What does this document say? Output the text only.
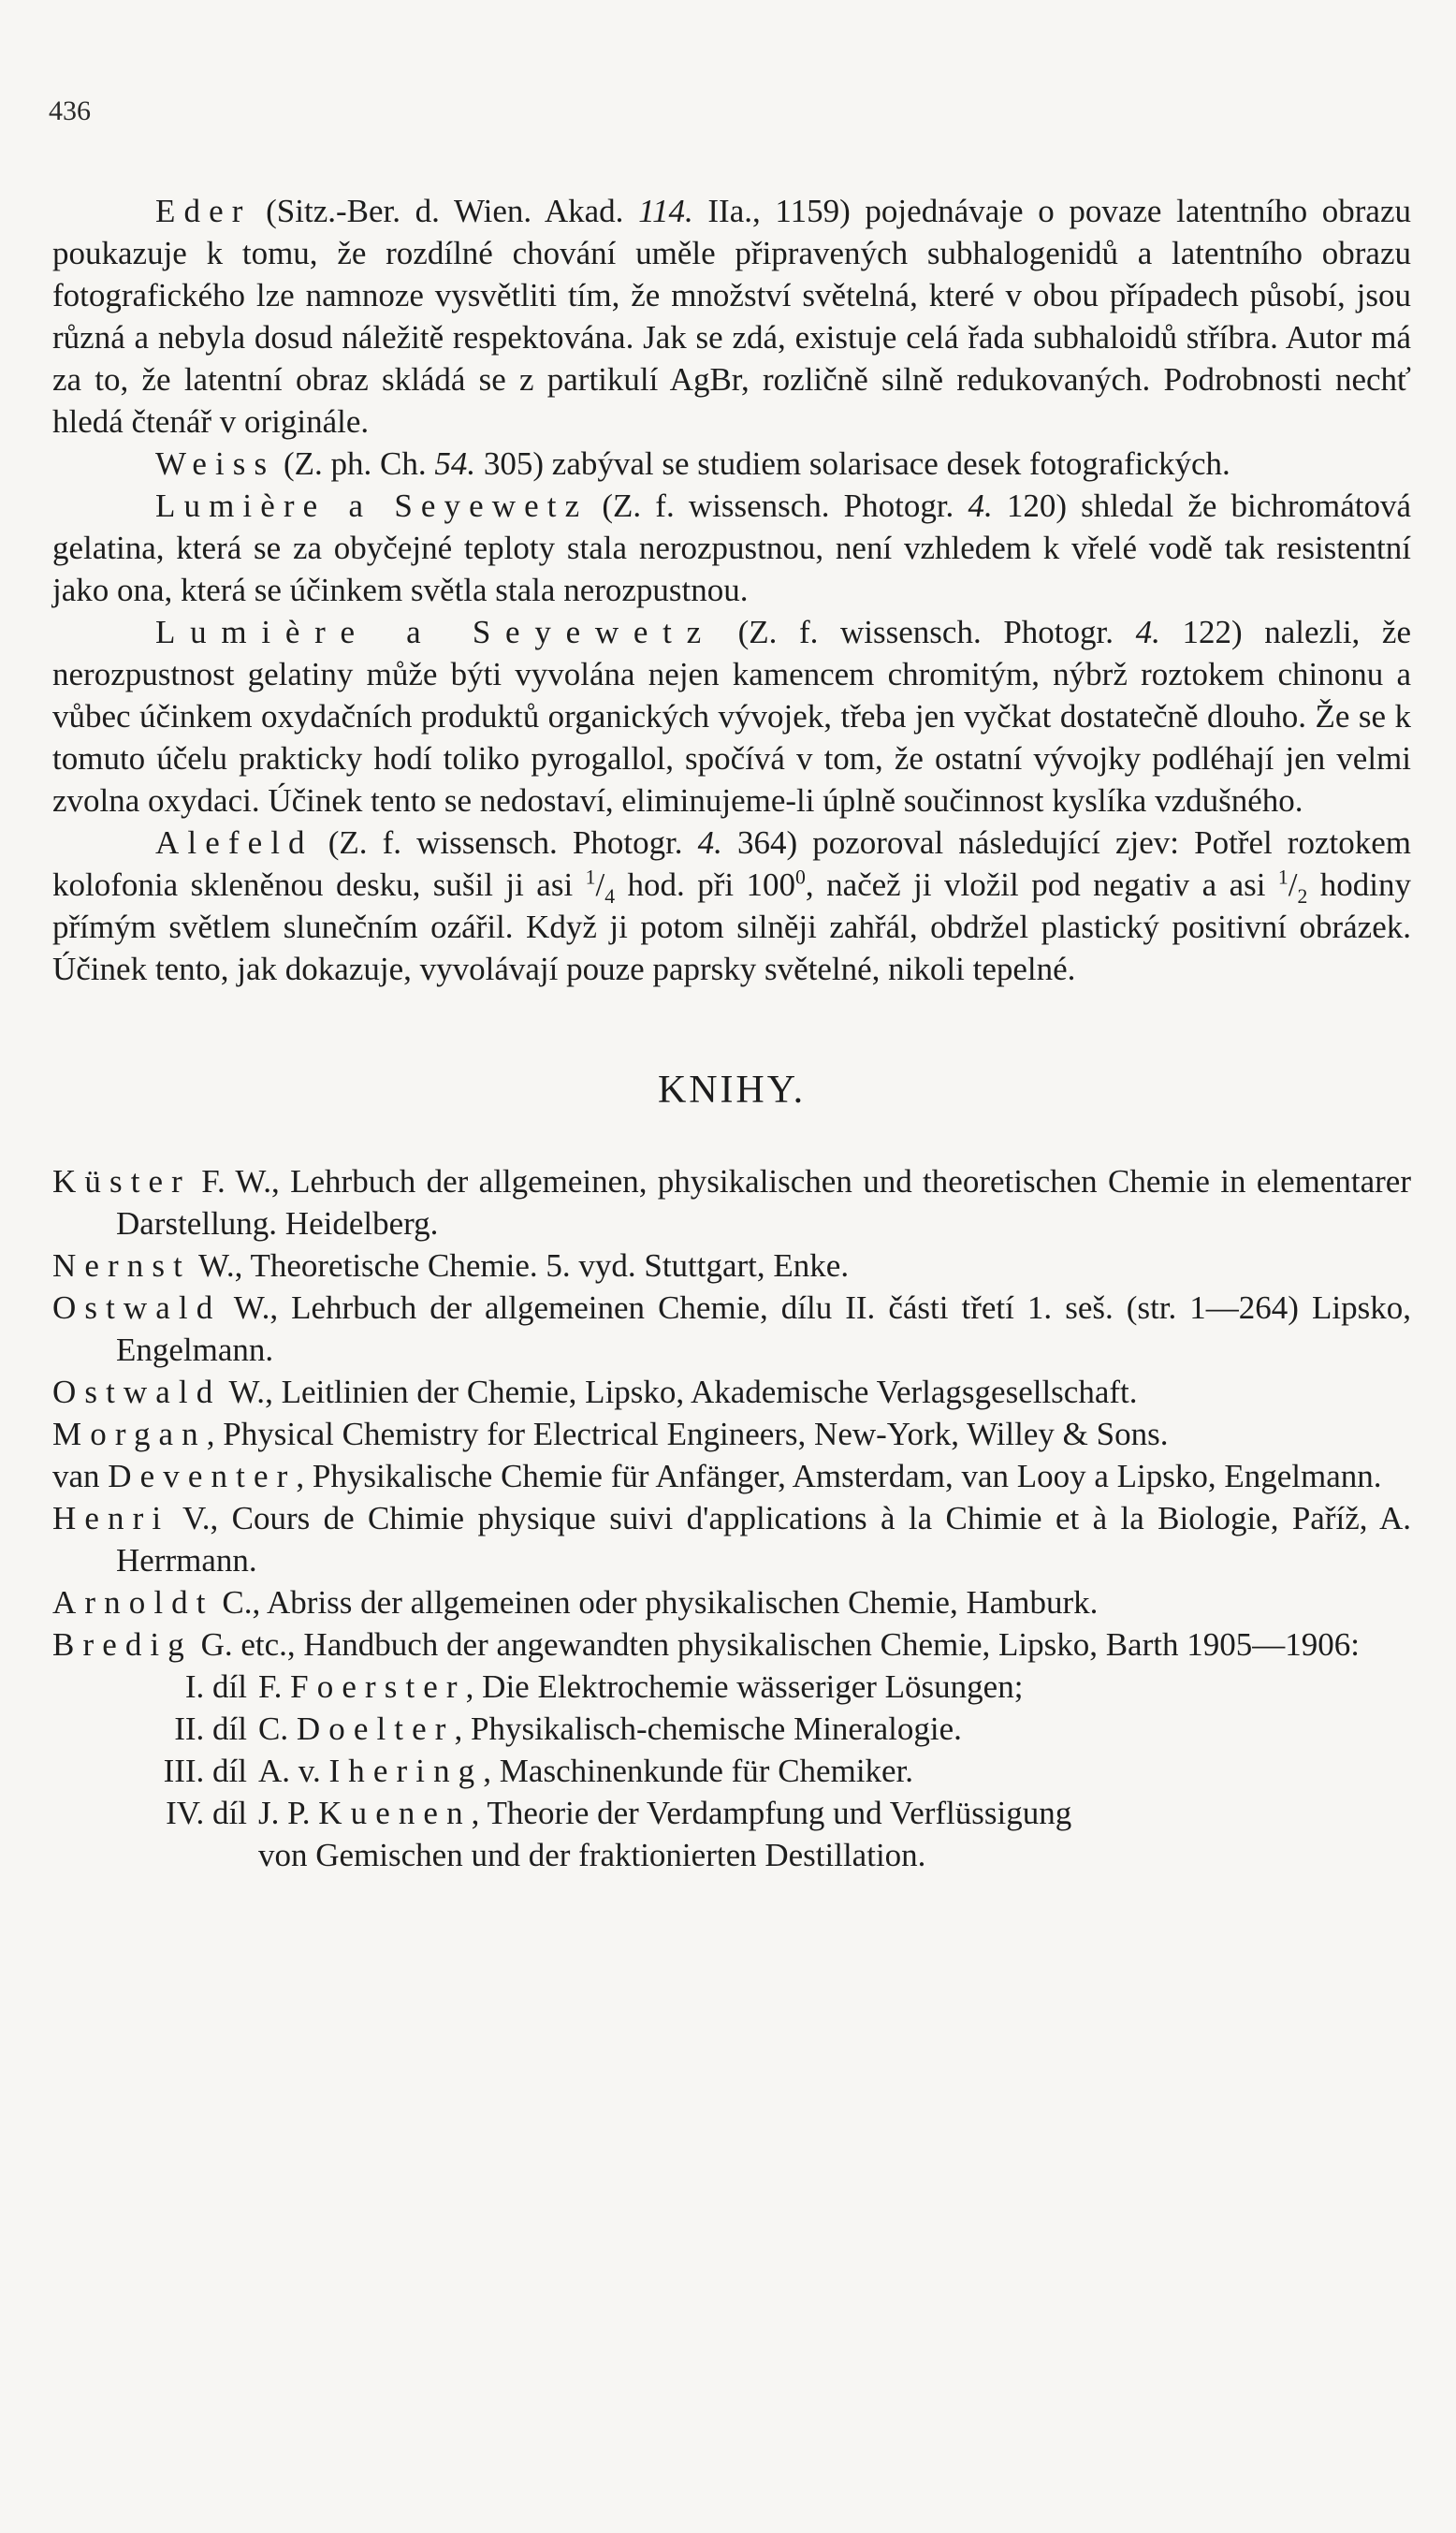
436

Eder (Sitz.-Ber. d. Wien. Akad. 114. IIa., 1159) pojednávaje o povaze latentního obrazu poukazuje k tomu, že rozdílné chování uměle připravených subhalogenidů a latentního obrazu fotografického lze namnoze vysvětliti tím, že množství světelná, které v obou případech působí, jsou různá a nebyla dosud náležitě respektována. Jak se zdá, existuje celá řada subhaloidů stříbra. Autor má za to, že latentní obraz skládá se z partikulí AgBr, rozličně silně redukovaných. Podrobnosti nechť hledá čtenář v originále.

Weiss (Z. ph. Ch. 54. 305) zabýval se studiem solarisace desek fotografických.

Lumière a Seyewetz (Z. f. wissensch. Photogr. 4. 120) shledal že bichromátová gelatina, která se za obyčejné teploty stala nerozpustnou, není vzhledem k vřelé vodě tak resistentní jako ona, která se účinkem světla stala nerozpustnou.

Lumière a Seyewetz (Z. f. wissensch. Photogr. 4. 122) nalezli, že nerozpustnost gelatiny může býti vyvolána nejen kamencem chromitým, nýbrž roztokem chinonu a vůbec účinkem oxydačních produktů organických vývojek, třeba jen vyčkat dostatečně dlouho. Že se k tomuto účelu prakticky hodí toliko pyrogallol, spočívá v tom, že ostatní vývojky podléhají jen velmi zvolna oxydaci. Účinek tento se nedostaví, eliminujeme-li úplně součinnost kyslíka vzdušného.

Alefeld (Z. f. wissensch. Photogr. 4. 364) pozoroval následující zjev: Potřel roztokem kolofonia skleněnou desku, sušil ji asi $^1/_4$ hod. při $100^0$, načež ji vložil pod negativ a asi $^1/_2$ hodiny přímým světlem slunečním ozářil. Když ji potom silněji zahřál, obdržel plastický positivní obrázek. Účinek tento, jak dokazuje, vyvolávají pouze paprsky světelné, nikoli tepelné.

KNIHY.

Küster F. W., Lehrbuch der allgemeinen, physikalischen und theoretischen Chemie in elementarer Darstellung. Heidelberg.

Nernst W., Theoretische Chemie. 5. vyd. Stuttgart, Enke.

Ostwald W., Lehrbuch der allgemeinen Chemie, dílu II. části třetí 1. seš. (str. 1—264) Lipsko, Engelmann.

Ostwald W., Leitlinien der Chemie, Lipsko, Akademische Verlagsgesellschaft.

Morgan, Physical Chemistry for Electrical Engineers, New-York, Willey & Sons.

van Deventer, Physikalische Chemie für Anfänger, Amsterdam, van Looy a Lipsko, Engelmann.

Henri V., Cours de Chimie physique suivi d'applications à la Chimie et à la Biologie, Paříž, A. Herrmann.

Arnoldt C., Abriss der allgemeinen oder physikalischen Chemie, Hamburk.

Bredig G. etc., Handbuch der angewandten physikalischen Chemie, Lipsko, Barth 1905—1906:

I. díl F. Foerster, Die Elektrochemie wässeriger Lösungen;
II. díl C. Doelter, Physikalisch-chemische Mineralogie.
III. díl A. v. Ihering, Maschinenkunde für Chemiker.
IV. díl J. P. Kuenen, Theorie der Verdampfung und Verflüssigung
von Gemischen und der fraktionierten Destillation.
